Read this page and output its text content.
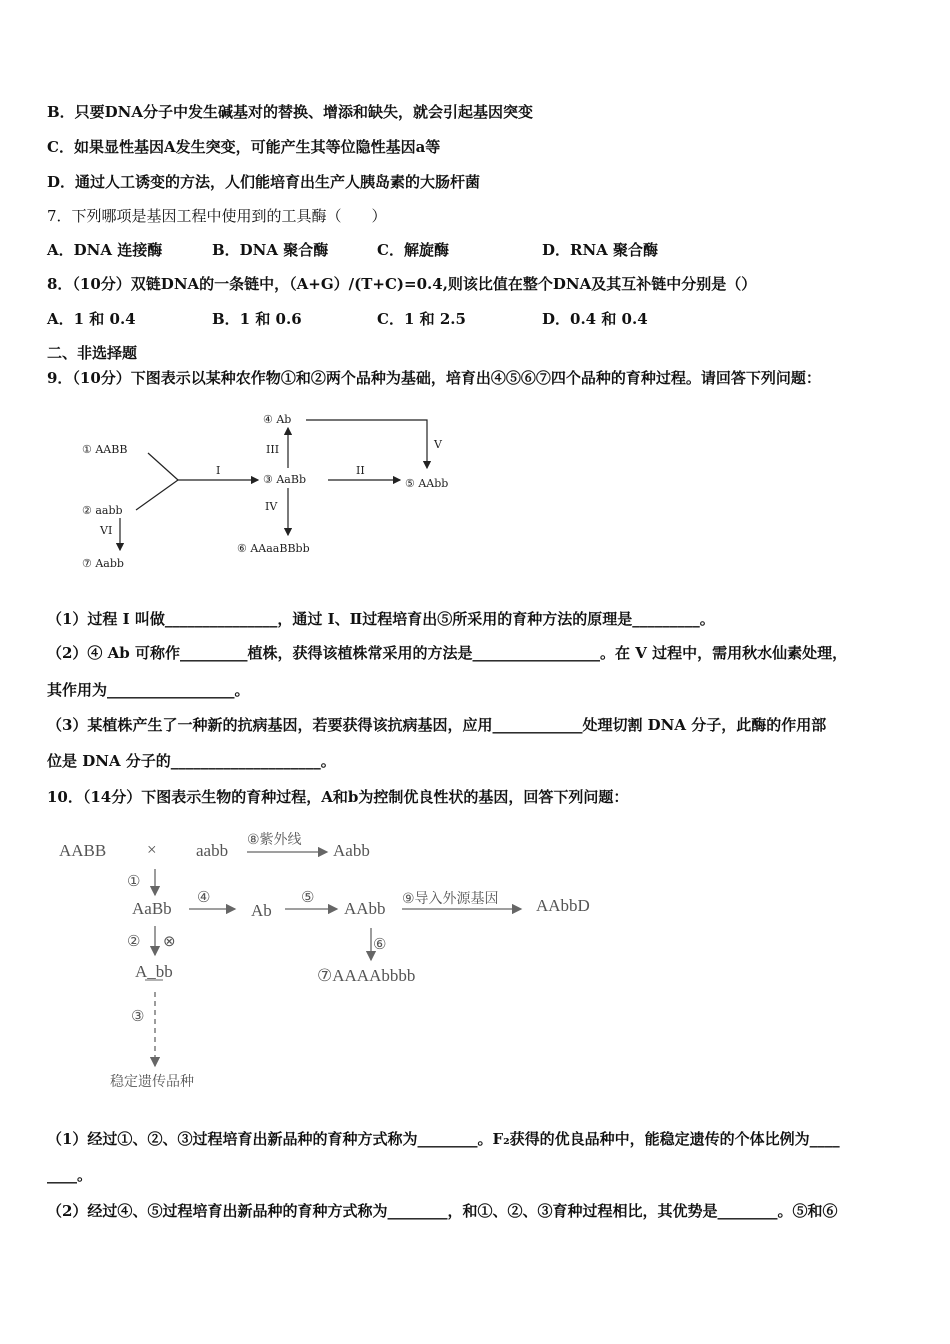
B．只要DNA分子中发生碱基对的替换、增添和缺失，就会引起基因突变
C．如果显性基因A发生突变，可能产生其等位隐性基因a等
D．通过人工诱变的方法，人们能培育出生产人胰岛素的大肠杆菌
7．下列哪项是基因工程中使用到的工具酶（　　）
A．DNA 连接酶	B．DNA 聚合酶	C．解旋酶	D．RNA 聚合酶
8．（10分）双链DNA的一条链中，（A+G）/(T+C)=0.4,则该比值在整个DNA及其互补链中分别是（）
A．1 和 0.4	B．1 和 0.6	C．1 和 2.5	D．0.4 和 0.4
二、非选择题
9．（10分）下图表示以某种农作物①和②两个品种为基础，培育出④⑤⑥⑦四个品种的育种过程。请回答下列问题：
① AABB
② aabb
③ AaBb
④ Ab
⑤ AAbb
⑥ AAaaBBbb
⑦ Aabb
I
III
II
V
IV
VI
（1）过程 I 叫做_______________，通过 I、Ⅱ过程培育出⑤所采用的育种方法的原理是_________。
（2）④ Ab 可称作_________植株，获得该植株常采用的方法是_________________。在 V 过程中，需用秋水仙素处理，
其作用为_________________。
（3）某植株产生了一种新的抗病基因，若要获得该抗病基因，应用____________处理切割 DNA 分子，此酶的作用部
位是 DNA 分子的____________________。
10．（14分）下图表示生物的育种过程，A和b为控制优良性状的基因，回答下列问题：
AABB × aabb
⑧紫外线
Aabb
①
AaBb
④
Ab
⑤
AAbb ⑨导入外源基因 AAbbD
② ⊗	⑥
⑦AAAAbbbb
A_bb
③
稳定遗传品种
（1）经过①、②、③过程培育出新品种的育种方式称为________。F₂获得的优良品种中，能稳定遗传的个体比例为____
____。
（2）经过④、⑤过程培育出新品种的育种方式称为________，和①、②、③育种过程相比，其优势是________。⑤和⑥
